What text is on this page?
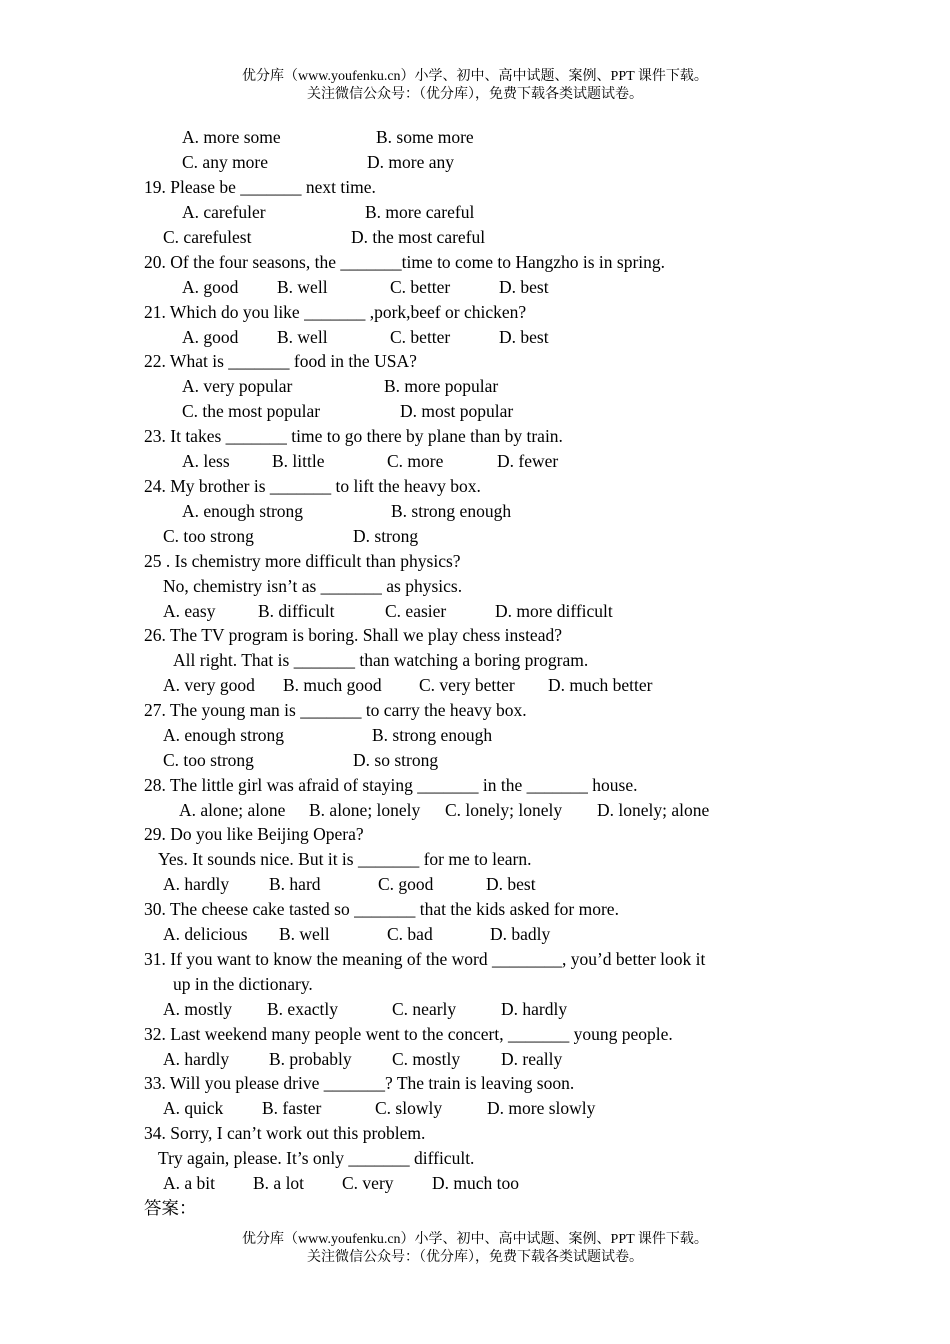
优分库（www.youfenku.cn）小学、初中、高中试题、案例、PPT 课件下载。
关注微信公众号：（优分库），免费下载各类试题试卷。
A. more some	B. some more
C. any more	D. more any
19. Please be _______ next time.
A. carefuler	B. more careful
C. carefulest	D. the most careful
20. Of the four seasons, the _______time to come to Hangzho is in spring.
A. good B. well	C. better	D. best
21. Which do you like _______ ,pork,beef or chicken?
A. good B. well	C. better	D. best
22. What is _______ food in the USA?
A. very popular	B. more popular
C. the most popular	D. most popular
23. It takes _______ time to go there by plane than by train.
A. less B. little	C. more	D. fewer
24. My brother is _______ to lift the heavy box.
A. enough strong	B. strong enough
C. too strong	D. strong
25 . Is chemistry more difficult than physics?
No, chemistry isn’t as _______ as physics.
A. easy B. difficult	C. easier	D. more difficult
26. The TV program is boring. Shall we play chess instead?
All right. That is _______ than watching a boring program.
A. very good B. much good C. very better D. much better
27. The young man is _______ to carry the heavy box.
A. enough strong	B. strong enough
C. too strong	D. so strong
28. The little girl was afraid of staying _______ in the _______ house.
A. alone; alone B. alone; lonely C. lonely; lonely D. lonely; alone
29. Do you like Beijing Opera?
Yes. It sounds nice. But it is _______ for me to learn.
A. hardly B. hard	C. good	D. best
30. The cheese cake tasted so _______ that the kids asked for more.
A. delicious B. well	C. bad	D. badly
31. If you want to know the meaning of the word ________, you’d better look it
up in the dictionary.
A. mostly B. exactly	C. nearly	D. hardly
32. Last weekend many people went to the concert, _______ young people.
A. hardly B. probably C. mostly D. really
33. Will you please drive _______? The train is leaving soon.
A. quick B. faster	C. slowly	D. more slowly
34. Sorry, I can’t work out this problem.
Try again, please. It’s only _______ difficult.
A. a bit B. a lot C. very D. much too
答案：
优分库（www.youfenku.cn）小学、初中、高中试题、案例、PPT 课件下载。
关注微信公众号：（优分库），免费下载各类试题试卷。
